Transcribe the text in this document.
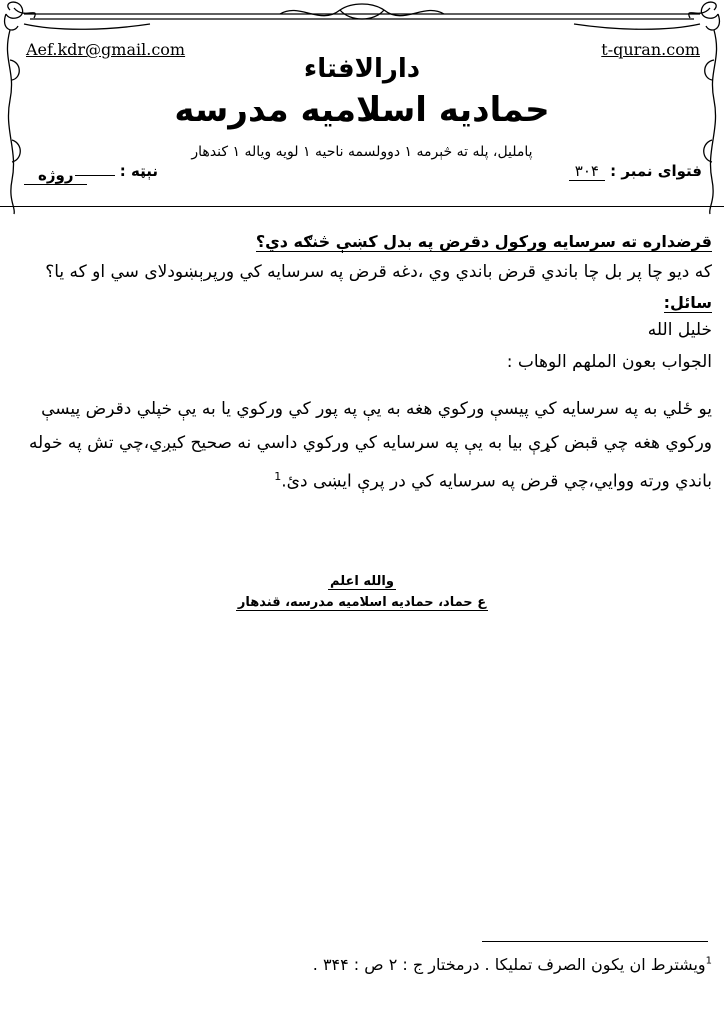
Aef.kdr@gmail.com	t-quran.com
دارالافتاء
حمادیه اسلامیه مدرسه
پاملیل، پله ته څېرمه ۱ دوولسمه ناحیه ۱ لویه ویاله ۱ کندهار
فتوای نمبر : ۳۰۴
نېټه :
روژه
قرضداره ته سرسایه ورکول دقرض په بدل کښې څنګه دي؟
که دیو چا پر بل چا باندي قرض باندي وي ،دغه قرض په سرسایه کي ورپرېښودلای سي او که یا؟
سائل:
خلیل الله
الجواب بعون الملهم الوهاب :
یو ځلي به په سرسایه کي پیسې ورکوي هغه به یې په پور کي ورکوي یا به یې خپلي دقرض پیسې ورکوي هغه چي قبض کړې بیا به یې په سرسایه کي ورکوي داسي نه صحیح کیږي،چي تش په خوله باندي ورته ووایي،چي قرض په سرسایه کي در پرې ایښی دئ.$^1$
والله اعلم
ع حماد، حمادیه اسلامیه مدرسه، قندهار
$^1$ویشترط ان یکون الصرف تملیکا . درمختار ج : ۲ ص : ۳۴۴ .
